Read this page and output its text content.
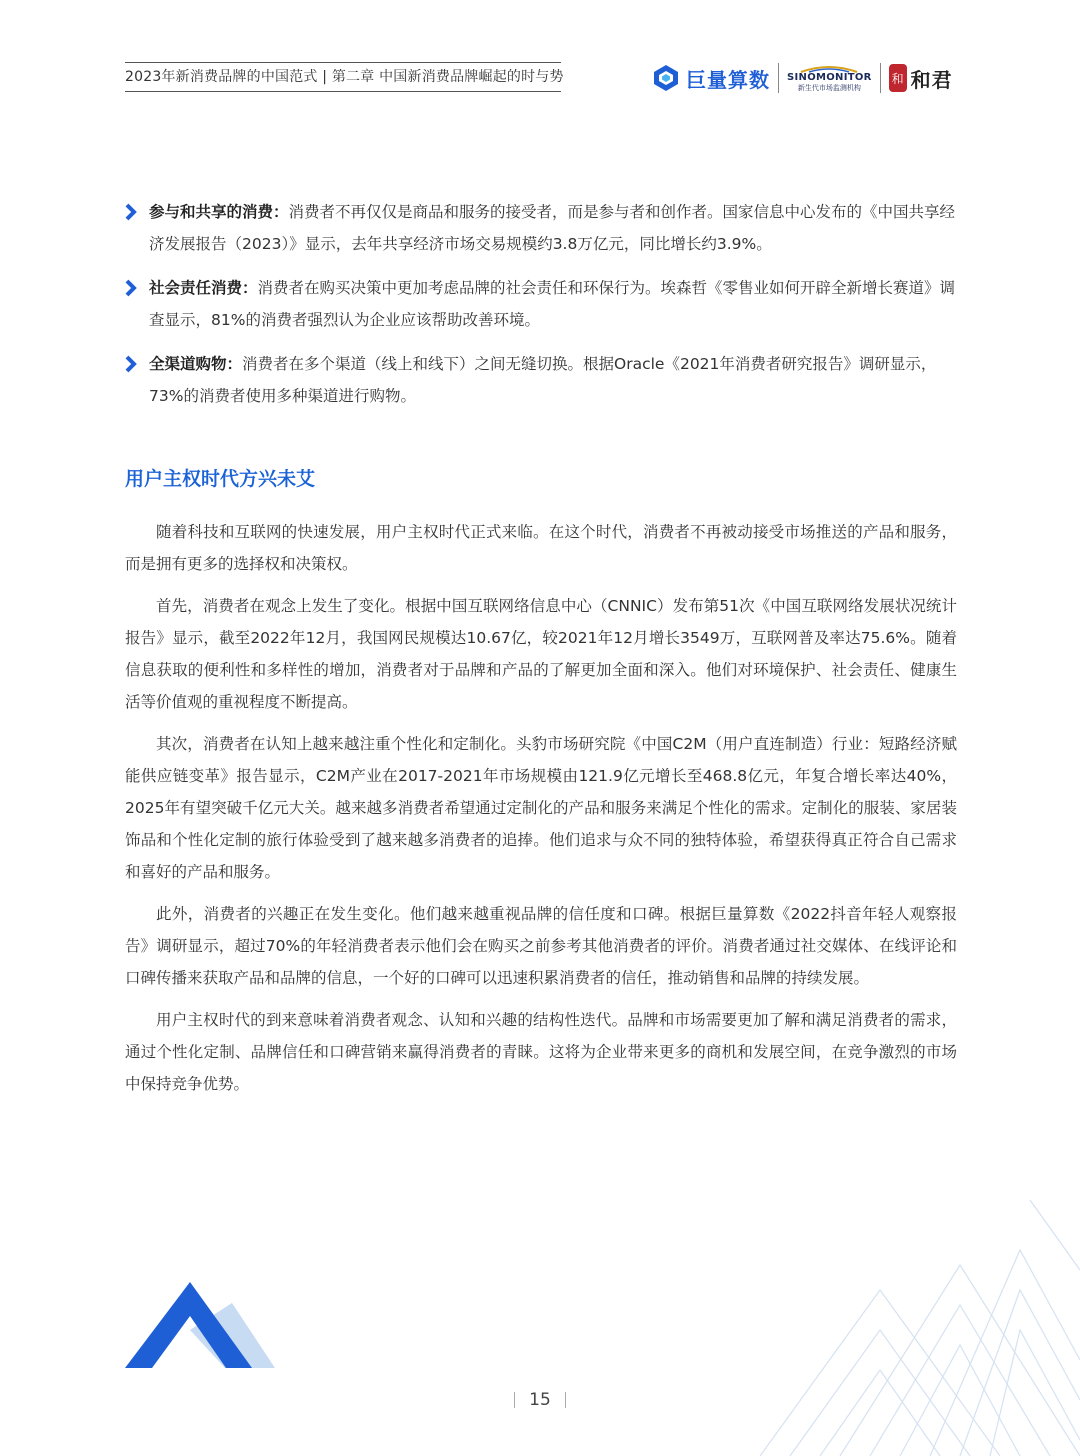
2023年新消费品牌的中国范式 | 第二章 中国新消费品牌崛起的时与势	巨量算数 SINOMONITOR
新生代市场监测机构
和 和君
参与和共享的消费：消费者不再仅仅是商品和服务的接受者，而是参与者和创作者。国家信息中心发布的《中国共享经济发展报告（2023）》显示，去年共享经济市场交易规模约3.8万亿元，同比增长约3.9%。
社会责任消费：消费者在购买决策中更加考虑品牌的社会责任和环保行为。埃森哲《零售业如何开辟全新增长赛道》调查显示，81%的消费者强烈认为企业应该帮助改善环境。
全渠道购物：消费者在多个渠道（线上和线下）之间无缝切换。根据Oracle《2021年消费者研究报告》调研显示，73%的消费者使用多种渠道进行购物。
用户主权时代方兴未艾

随着科技和互联网的快速发展，用户主权时代正式来临。在这个时代，消费者不再被动接受市场推送的产品和服务，而是拥有更多的选择权和决策权。

首先，消费者在观念上发生了变化。根据中国互联网络信息中心（CNNIC）发布第51次《中国互联网络发展状况统计报告》显示，截至2022年12月，我国网民规模达10.67亿，较2021年12月增长3549万，互联网普及率达75.6%。随着信息获取的便利性和多样性的增加，消费者对于品牌和产品的了解更加全面和深入。他们对环境保护、社会责任、健康生活等价值观的重视程度不断提高。

其次，消费者在认知上越来越注重个性化和定制化。头豹市场研究院《中国C2M（用户直连制造）行业：短路经济赋能供应链变革》报告显示，C2M产业在2017-2021年市场规模由121.9亿元增长至468.8亿元，年复合增长率达40%，2025年有望突破千亿元大关。越来越多消费者希望通过定制化的产品和服务来满足个性化的需求。定制化的服装、家居装饰品和个性化定制的旅行体验受到了越来越多消费者的追捧。他们追求与众不同的独特体验，希望获得真正符合自己需求和喜好的产品和服务。

此外，消费者的兴趣正在发生变化。他们越来越重视品牌的信任度和口碑。根据巨量算数《2022抖音年轻人观察报告》调研显示，超过70%的年轻消费者表示他们会在购买之前参考其他消费者的评价。消费者通过社交媒体、在线评论和口碑传播来获取产品和品牌的信息，一个好的口碑可以迅速积累消费者的信任，推动销售和品牌的持续发展。

用户主权时代的到来意味着消费者观念、认知和兴趣的结构性迭代。品牌和市场需要更加了解和满足消费者的需求，通过个性化定制、品牌信任和口碑营销来赢得消费者的青睐。这将为企业带来更多的商机和发展空间，在竞争激烈的市场中保持竞争优势。

15
